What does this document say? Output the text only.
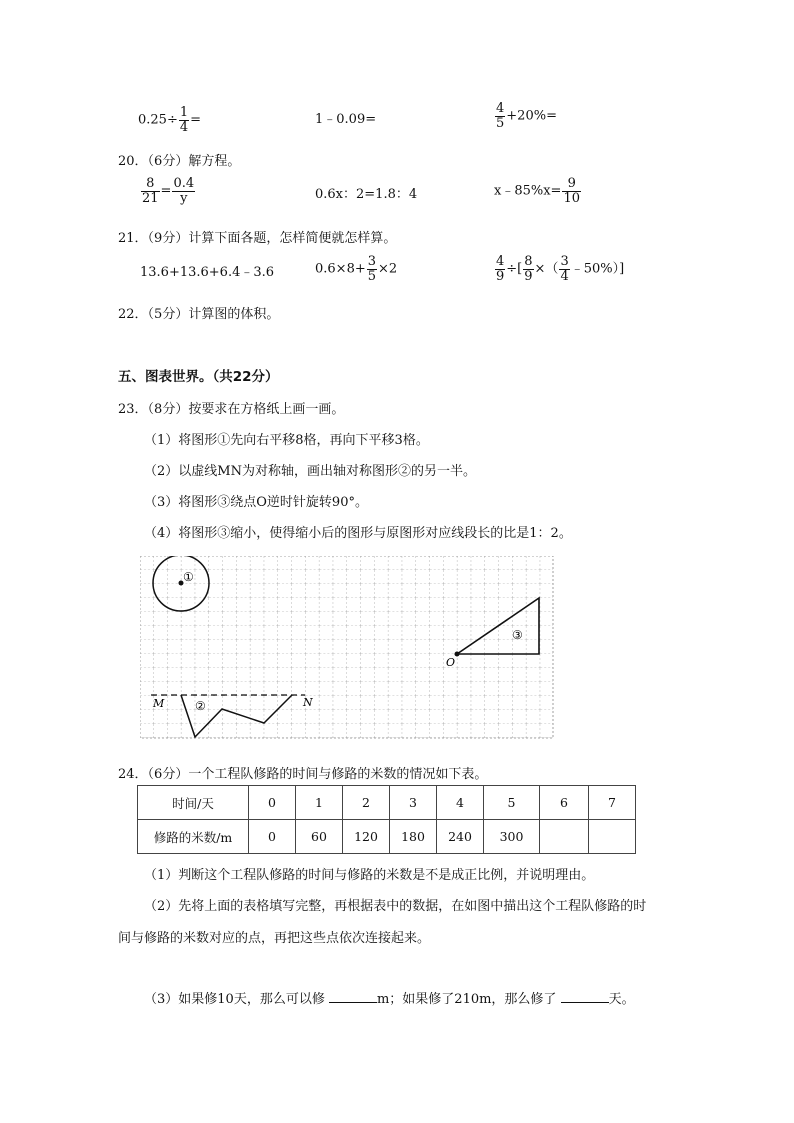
$0.25\div \frac{1}{4}$ =	1﹣0.09=	$\frac{4}{5} +20\%=$
20．（6分）解方程。
$\frac{8}{21} = \frac{0.4}{y}$	0.6x：2=1.8：4	x﹣85%x= $\frac{9}{10}$
21．（9分）计算下面各题，怎样简便就怎样算。
13.6+13.6+6.4﹣3.6	$0.6\times 8+ \frac{3}{5} \times 2$	$\frac{4}{9}$ ÷[ $\frac{8}{9}$ ×（ $\frac{3}{4}$ ﹣50%）]
22．（5分）计算图的体积。
五、图表世界。（共22分）
23．（8分）按要求在方格纸上画一画。
（1）将图形①先向右平移8格，再向下平移3格。
（2）以虚线MN为对称轴，画出轴对称图形②的另一半。
（3）将图形③绕点O逆时针旋转90°。
（4）将图形③缩小，使得缩小后的图形与原图形对应线段长的比是1：2。
①
③
O
M	N
②
24．（6分）一个工程队修路的时间与修路的米数的情况如下表。
时间/天	0	1	2	3	4	5	6	7
修路的米数/m	0	60	120	180	240	300		
（1）判断这个工程队修路的时间与修路的米数是不是成正比例，并说明理由。
（2）先将上面的表格填写完整，再根据表中的数据，在如图中描出这个工程队修路的时
间与修路的米数对应的点，再把这些点依次连接起来。
（3）如果修10天，那么可以修	m；如果修了210m，那么修了	天。
